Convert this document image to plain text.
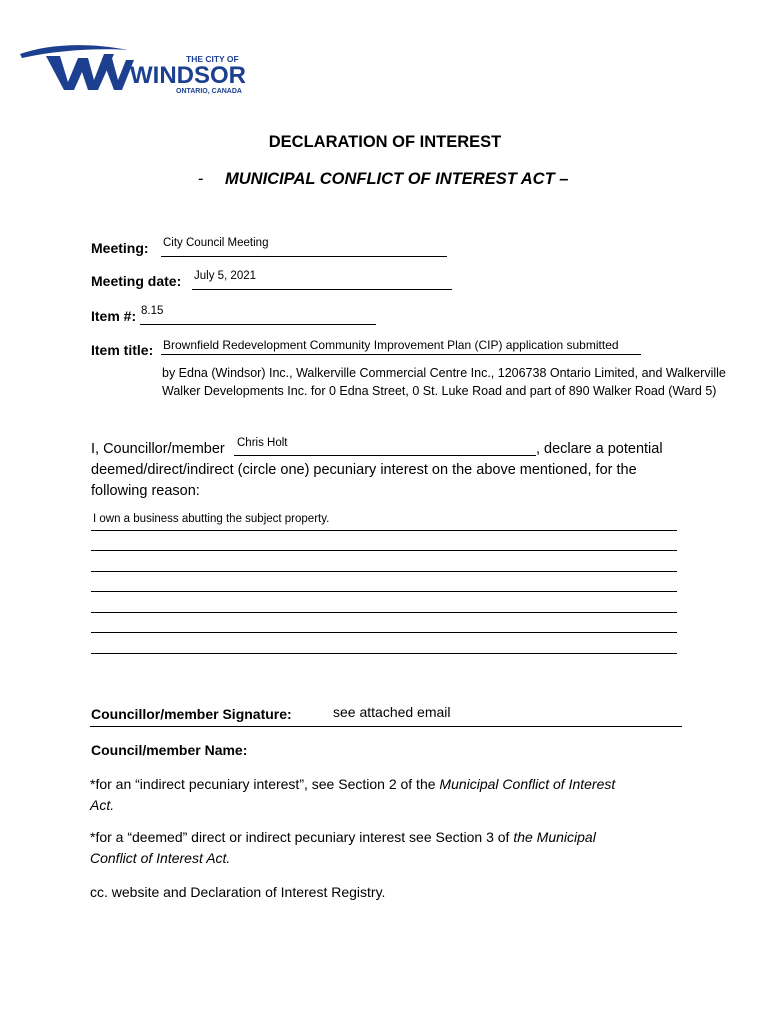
THE CITY OF
WINDSOR
ONTARIO, CANADA
DECLARATION OF INTEREST
- MUNICIPAL CONFLICT OF INTEREST ACT –
Meeting: City Council Meeting
Meeting date: July 5, 2021
Item #: 8.15
Item title: Brownfield Redevelopment Community Improvement Plan (CIP) application submitted
by Edna (Windsor) Inc., Walkerville Commercial Centre Inc., 1206738 Ontario Limited, and Walkerville
Walker Developments Inc. for 0 Edna Street, 0 St. Luke Road and part of 890 Walker Road (Ward 5)
I, Councillor/member Chris Holt	, declare a potential
deemed/direct/indirect (circle one) pecuniary interest on the above mentioned, for the
following reason:
I own a business abutting the subject property.
Councillor/member Signature:	see attached email
Council/member Name:
*for an “indirect pecuniary interest”, see Section 2 of the Municipal Conflict of Interest
Act.
*for a “deemed” direct or indirect pecuniary interest see Section 3 of the Municipal
Conflict of Interest Act.
cc. website and Declaration of Interest Registry.
